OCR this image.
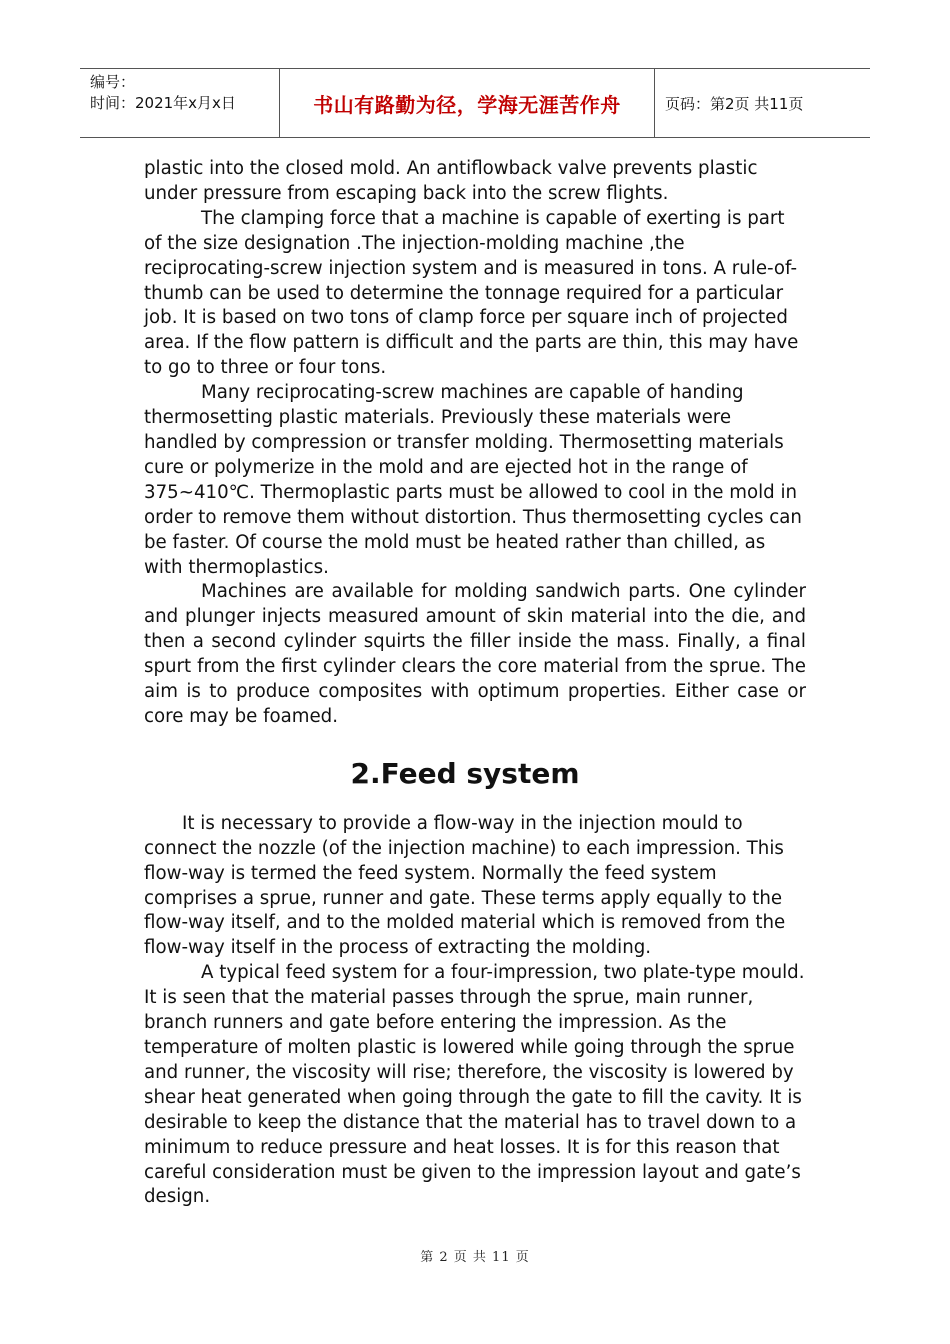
编号：
时间：2021年x月x日	书山有路勤为径，学海无涯苦作舟	页码：第2页 共11页

plastic into the closed mold. An antiflowback valve prevents plastic under pressure from escaping back into the screw flights.

The clamping force that a machine is capable of exerting is part of the size designation .The injection-molding machine ,the reciprocating-screw injection system and is measured in tons. A rule-of-thumb can be used to determine the tonnage required for a particular job. It is based on two tons of clamp force per square inch of projected area. If the flow pattern is difficult and the parts are thin, this may have to go to three or four tons.

Many reciprocating-screw machines are capable of handing thermosetting plastic materials. Previously these materials were handled by compression or transfer molding. Thermosetting materials cure or polymerize in the mold and are ejected hot in the range of 375~410℃. Thermoplastic parts must be allowed to cool in the mold in order to remove them without distortion. Thus thermosetting cycles can be faster. Of course the mold must be heated rather than chilled, as with thermoplastics.

Machines are available for molding sandwich parts. One cylinder and plunger injects measured amount of skin material into the die, and then a second cylinder squirts the filler inside the mass. Finally, a final spurt from the first cylinder clears the core material from the sprue. The aim is to produce composites with optimum properties. Either case or core may be foamed.

2.Feed system

It is necessary to provide a flow-way in the injection mould to connect the nozzle (of the injection machine) to each impression. This flow-way is termed the feed system. Normally the feed system comprises a sprue, runner and gate. These terms apply equally to the flow-way itself, and to the molded material which is removed from the flow-way itself in the process of extracting the molding.

A typical feed system for a four-impression, two plate-type mould. It is seen that the material passes through the sprue, main runner, branch runners and gate before entering the impression. As the temperature of molten plastic is lowered while going through the sprue and runner, the viscosity will rise; therefore, the viscosity is lowered by shear heat generated when going through the gate to fill the cavity. It is desirable to keep the distance that the material has to travel down to a minimum to reduce pressure and heat losses. It is for this reason that careful consideration must be given to the impression layout and gate’s design.

第 2 页 共 11 页
